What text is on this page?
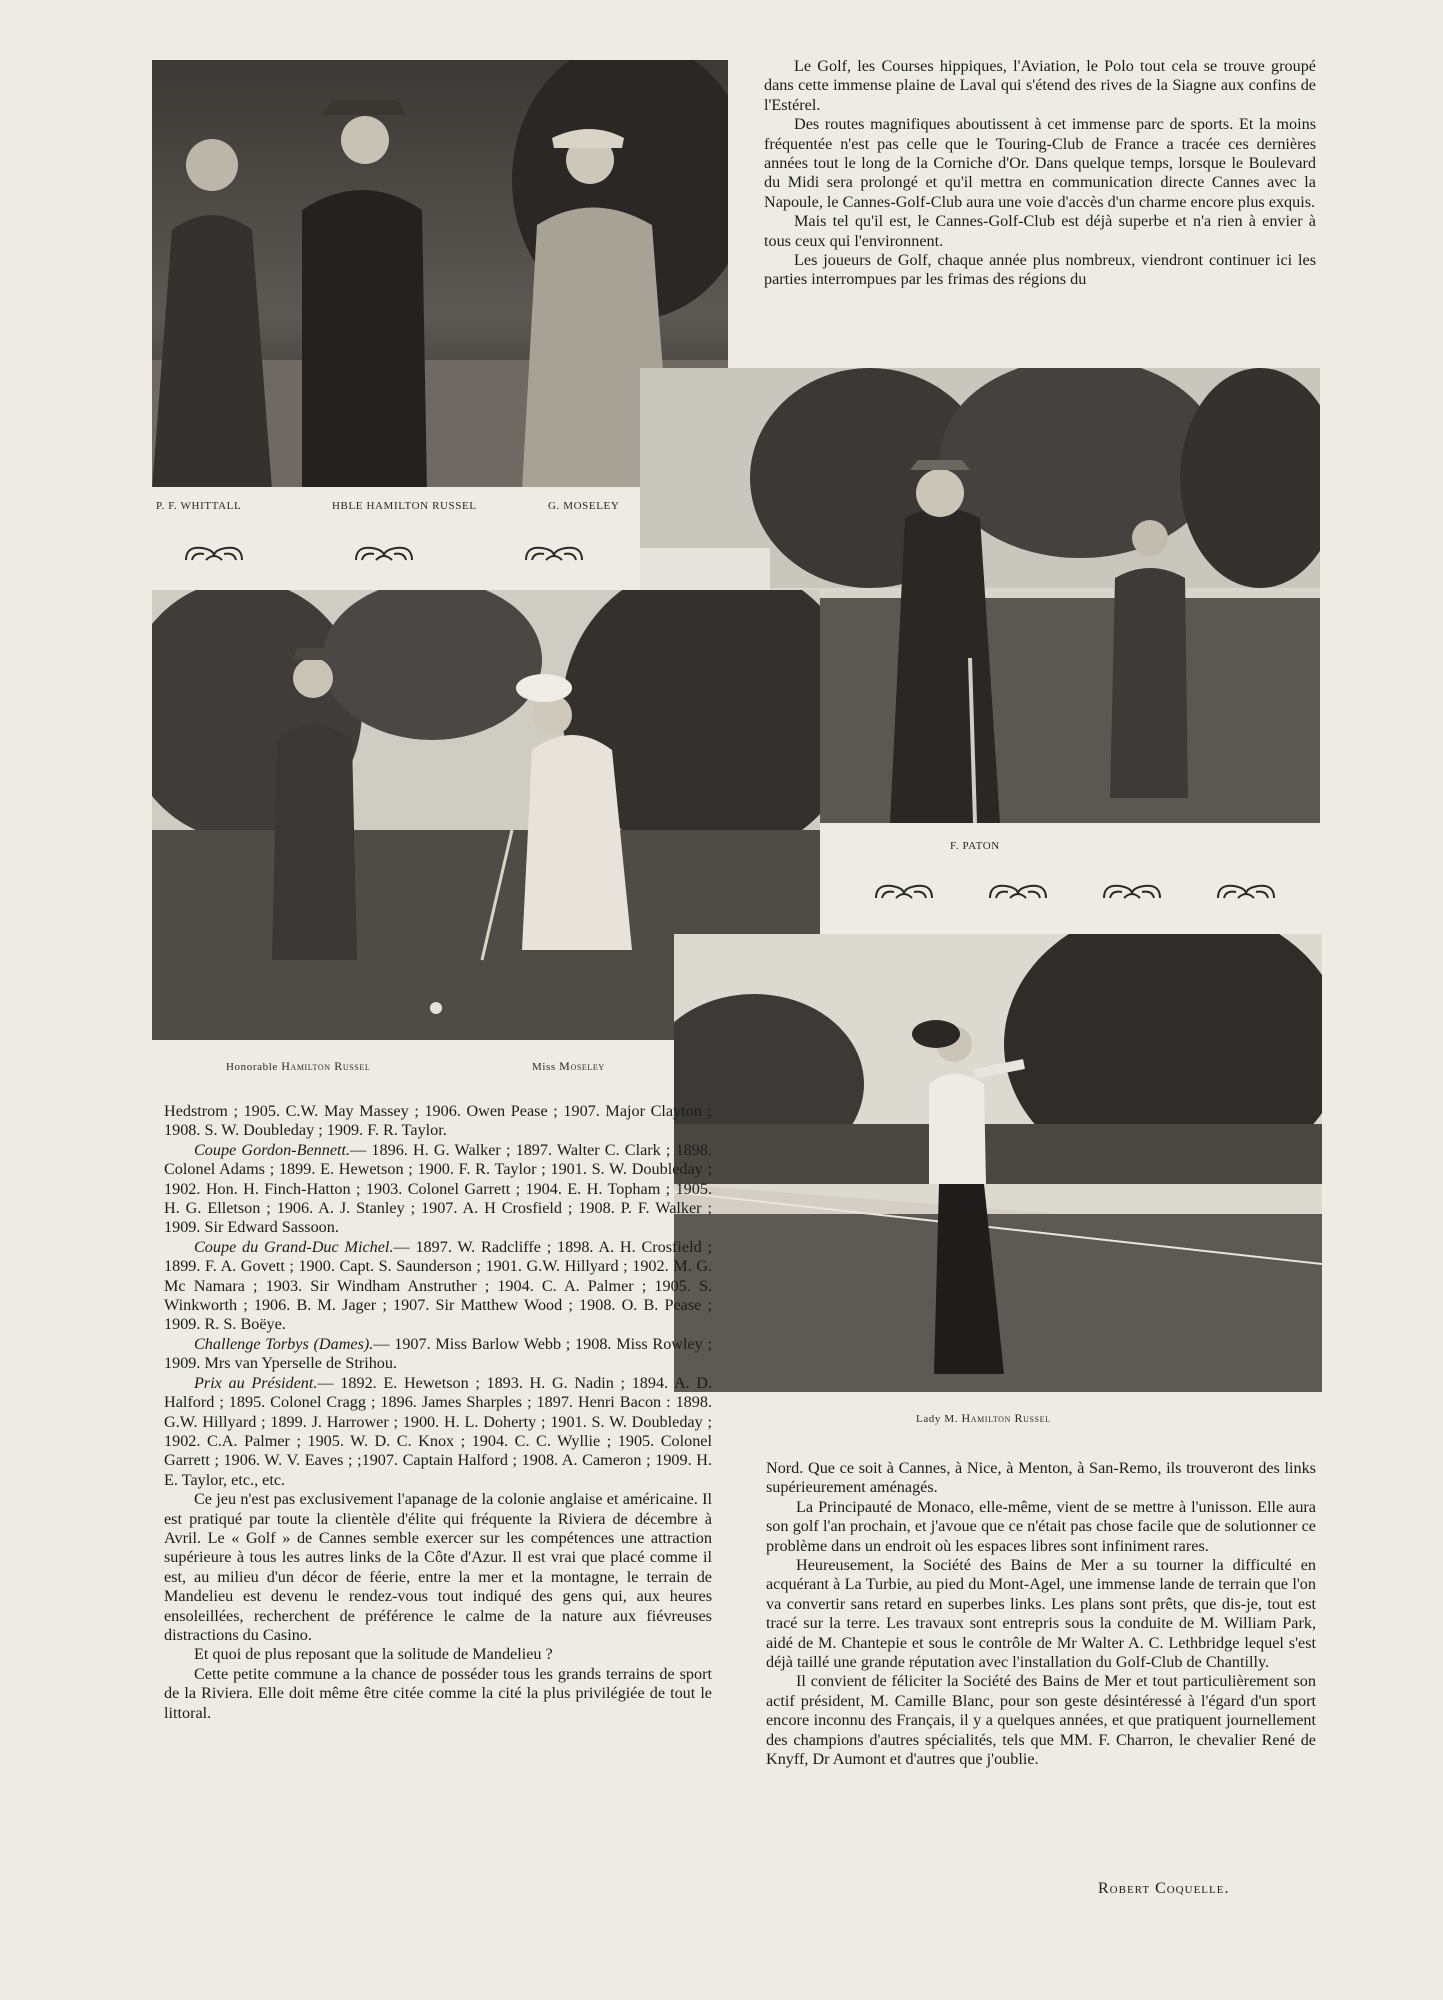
P. F. WHITTALL	HBLE HAMILTON RUSSEL	G. MOSELEY
F. PATON
Honorable Hamilton Russel	Miss Moseley
Lady M. Hamilton Russel

Le Golf, les Courses hippiques, l'Aviation, le Polo tout cela se trouve groupé dans cette immense plaine de Laval qui s'étend des rives de la Siagne aux confins de l'Estérel.

Des routes magnifiques aboutissent à cet immense parc de sports. Et la moins fréquentée n'est pas celle que le Touring-Club de France a tracée ces dernières années tout le long de la Corniche d'Or. Dans quelque temps, lorsque le Boulevard du Midi sera prolongé et qu'il mettra en communication directe Cannes avec la Napoule, le Cannes-Golf-Club aura une voie d'accès d'un charme encore plus exquis.

Mais tel qu'il est, le Cannes-Golf-Club est déjà superbe et n'a rien à envier à tous ceux qui l'environnent.

Les joueurs de Golf, chaque année plus nombreux, viendront continuer ici les parties interrompues par les frimas des régions du

Hedstrom ; 1905. C.W. May Massey ; 1906. Owen Pease ; 1907. Major Clayton ; 1908. S. W. Doubleday ; 1909. F. R. Taylor.

Coupe Gordon-Bennett.— 1896. H. G. Walker ; 1897. Walter C. Clark ; 1898. Colonel Adams ; 1899. E. Hewetson ; 1900. F. R. Taylor ; 1901. S. W. Doubleday ; 1902. Hon. H. Finch-Hatton ; 1903. Colonel Garrett ; 1904. E. H. Topham ; 1905. H. G. Elletson ; 1906. A. J. Stanley ; 1907. A. H Crosfield ; 1908. P. F. Walker ; 1909. Sir Edward Sassoon.

Coupe du Grand-Duc Michel.— 1897. W. Radcliffe ; 1898. A. H. Crosfield ; 1899. F. A. Govett ; 1900. Capt. S. Saunderson ; 1901. G.W. Hillyard ; 1902. M. G. Mc Namara ; 1903. Sir Windham Anstruther ; 1904. C. A. Palmer ; 1905. S. Winkworth ; 1906. B. M. Jager ; 1907. Sir Matthew Wood ; 1908. O. B. Pease ; 1909. R. S. Boëye.

Challenge Torbys (Dames).— 1907. Miss Barlow Webb ; 1908. Miss Rowley ; 1909. Mrs van Yperselle de Strihou.

Prix au Président.— 1892. E. Hewetson ; 1893. H. G. Nadin ; 1894. A. D. Halford ; 1895. Colonel Cragg ; 1896. James Sharples ; 1897. Henri Bacon : 1898. G.W. Hillyard ; 1899. J. Harrower ; 1900. H. L. Doherty ; 1901. S. W. Doubleday ; 1902. C.A. Palmer ; 1905. W. D. C. Knox ; 1904. C. C. Wyllie ; 1905. Colonel Garrett ; 1906. W. V. Eaves ; ;1907. Captain Halford ; 1908. A. Cameron ; 1909. H. E. Taylor, etc., etc.

Ce jeu n'est pas exclusivement l'apanage de la colonie anglaise et américaine. Il est pratiqué par toute la clientèle d'élite qui fréquente la Riviera de décembre à Avril. Le « Golf » de Cannes semble exercer sur les compétences une attraction supérieure à tous les autres links de la Côte d'Azur. Il est vrai que placé comme il est, au milieu d'un décor de féerie, entre la mer et la montagne, le terrain de Mandelieu est devenu le rendez-vous tout indiqué des gens qui, aux heures ensoleillées, recherchent de préférence le calme de la nature aux fiévreuses distractions du Casino.

Et quoi de plus reposant que la solitude de Mandelieu ?

Cette petite commune a la chance de posséder tous les grands terrains de sport de la Riviera. Elle doit même être citée comme la cité la plus privilégiée de tout le littoral.

Nord. Que ce soit à Cannes, à Nice, à Menton, à San-Remo, ils trouveront des links supérieurement aménagés.

La Principauté de Monaco, elle-même, vient de se mettre à l'unisson. Elle aura son golf l'an prochain, et j'avoue que ce n'était pas chose facile que de solutionner ce problème dans un endroit où les espaces libres sont infiniment rares.

Heureusement, la Société des Bains de Mer a su tourner la difficulté en acquérant à La Turbie, au pied du Mont-Agel, une immense lande de terrain que l'on va convertir sans retard en superbes links. Les plans sont prêts, que dis-je, tout est tracé sur la terre. Les travaux sont entrepris sous la conduite de M. William Park, aidé de M. Chantepie et sous le contrôle de Mr Walter A. C. Lethbridge lequel s'est déjà taillé une grande réputation avec l'installation du Golf-Club de Chantilly.

Il convient de féliciter la Société des Bains de Mer et tout particulièrement son actif président, M. Camille Blanc, pour son geste désintéressé à l'égard d'un sport encore inconnu des Français, il y a quelques années, et que pratiquent journellement des champions d'autres spécialités, tels que MM. F. Charron, le chevalier René de Knyff, Dr Aumont et d'autres que j'oublie.

Robert Coquelle.
